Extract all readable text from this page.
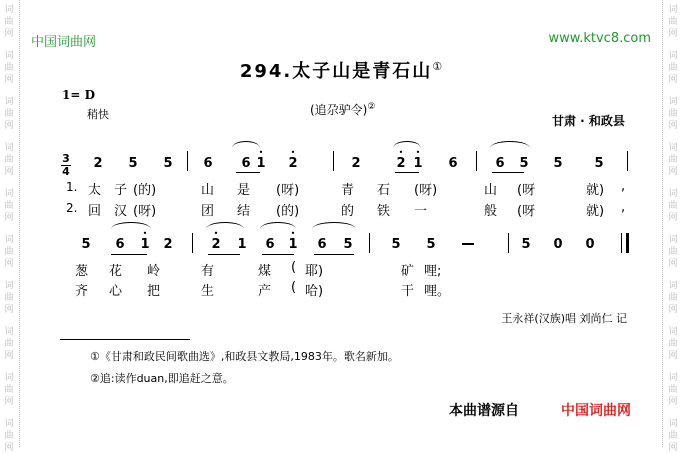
词
曲
网
词
曲
网
词
曲
网
词
曲
网
词
曲
网
词
曲
网
词
曲
网
词
曲
网
词
曲
网
词
曲
网
词
曲
网
词
曲
网
词
曲
网
词
曲
网
词
曲
网
词
曲
网
词
曲
网
词
曲
网
词
曲
网
词
曲
网
中国词曲网	www.ktvc8.com
294.太子山是青石山①
1= D
稍快	(追尕驴令)②
甘肃 · 和政县
3
4
2 5 5 6 6 1
•
2
•
2	2
•
1
•
6	6 5 5 5
5 6 1
•
2	2
•
1 6 1
•
6 5	5 5	5 0 0
1.
2.
太 子 (的)	山 是 (呀)	青 石 (呀)	山 (呀	就) ,
回 汉 (呀)	团 结 (的)	的 铁 一	般 (呀	就) ,
葱 花 岭	有	煤 ( 耶)	矿 哩;
齐 心 把	生	产 ( 哈)	干 哩。
王永祥(汉族)唱 刘尚仁 记
①《甘肃和政民间歌曲选》,和政县文教局,1983年。歌名新加。
②追:读作duan,即追赶之意。
本曲谱源自	中国词曲网
